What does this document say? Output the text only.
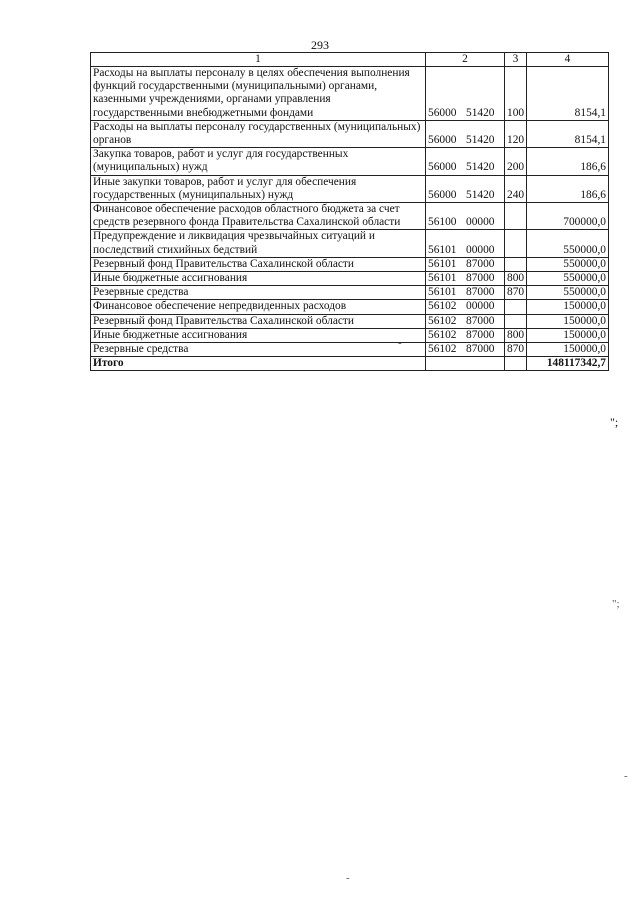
293
1	2	3	4
Расходы на выплаты персоналу в целях обеспечения выполнения функций государственными (муниципальными) органами, казенными учреждениями, органами управления государственными внебюджетными фондами	56000 51420	100	8154,1
Расходы на выплаты персоналу государственных (муниципальных) органов	56000 51420	120	8154,1
Закупка товаров, работ и услуг для государственных (муниципальных) нужд	56000 51420	200	186,6
Иные закупки товаров, работ и услуг для обеспечения государственных (муниципальных) нужд	56000 51420	240	186,6
Финансовое обеспечение расходов областного бюджета за счет средств резервного фонда Правительства Сахалинской области	56100 00000		700000,0
Предупреждение и ликвидация чрезвычайных ситуаций и последствий стихийных бедствий	56101 00000		550000,0
Резервный фонд Правительства Сахалинской области	56101 87000		550000,0
Иные бюджетные ассигнования	56101 87000	800	550000,0
Резервные средства	56101 87000	870	550000,0
Финансовое обеспечение непредвиденных расходов	56102 00000		150000,0
Резервный фонд Правительства Сахалинской области	56102 87000		150000,0
Иные бюджетные ассигнования	56102 87000	800	150000,0
Резервные средства	56102 87000	870	150000,0
Итого			148117342,7
";
-
";
-
-
